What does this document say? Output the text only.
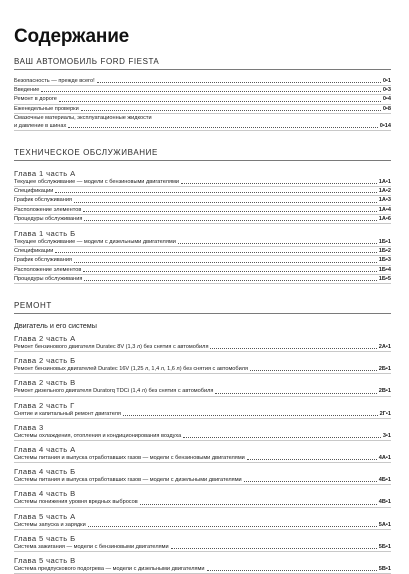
Содержание
ВАШ АВТОМОБИЛЬ FORD FIESTA
Безопасность — прежде всего!	0•1
Введение	0•3
Ремонт в дороге	0•4
Еженедельные проверки	0•8
Смазочные материалы, эксплуатационные жидкости
и давление в шинах	0•14
ТЕХНИЧЕСКОЕ ОБСЛУЖИВАНИЕ
Глава 1 часть А
Текущее обслуживание — модели с бензиновыми двигателями	1А•1
Спецификации	1А•2
График обслуживания	1А•3
Расположение элементов	1А•4
Процедуры обслуживания	1А•6
Глава 1 часть Б
Текущее обслуживание — модели с дизельными двигателями	1Б•1
Спецификации	1Б•2
График обслуживания	1Б•3
Расположение элементов	1Б•4
Процедуры обслуживания	1Б•5
РЕМОНТ
Двигатель и его системы
Глава 2 часть А
Ремонт бензинового двигателя Duratec 8V (1,3 л) без снятия с автомобиля	2А•1
Глава 2 часть Б
Ремонт бензиновых двигателей Duratec 16V (1,25 л, 1,4 л, 1,6 л) без снятия с автомобиля	2Б•1
Глава 2 часть В
Ремонт дизельного двигателя Duratorq TDCi (1,4 л) без снятия с автомобиля	2В•1
Глава 2 часть Г
Снятие и капитальный ремонт двигателя	2Г•1
Глава 3
Системы охлаждения, отопления и кондиционирования воздуха	3•1
Глава 4 часть А
Системы питания и выпуска отработавших газов — модели с бензиновыми двигателями	4А•1
Глава 4 часть Б
Системы питания и выпуска отработавших газов — модели с дизельными двигателями	4Б•1
Глава 4 часть В
Системы понижения уровня вредных выбросов	4В•1
Глава 5 часть А
Системы запуска и зарядки	5А•1
Глава 5 часть Б
Система зажигания — модели с бензиновыми двигателями	5Б•1
Глава 5 часть В
Система предпускового подогрева — модели с дизельными двигателями	5В•1
